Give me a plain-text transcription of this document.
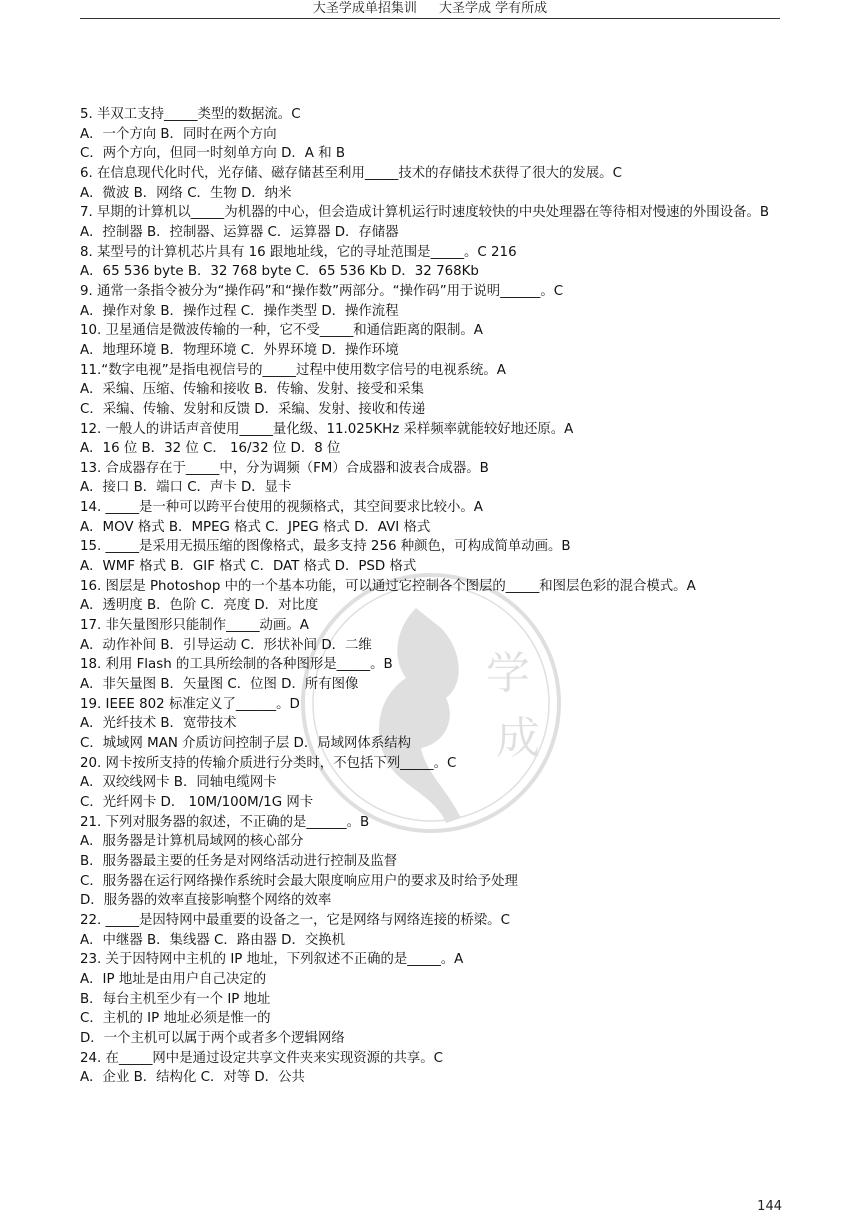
大圣学成单招集训 大圣学成 学有所成
学
成
5. 半双工支持_____类型的数据流。C
A．一个方向 B．同时在两个方向
C．两个方向，但同一时刻单方向 D．A 和 B
6. 在信息现代化时代，光存储、磁存储甚至利用_____技术的存储技术获得了很大的发展。C
A．微波 B．网络 C．生物 D．纳米
7. 早期的计算机以_____为机器的中心，但会造成计算机运行时速度较快的中央处理器在等待相对慢速的外围设备。B
A．控制器 B．控制器、运算器 C．运算器 D．存储器
8. 某型号的计算机芯片具有 16 跟地址线，它的寻址范围是_____。C 216
A．65 536 byte B．32 768 byte C．65 536 Kb D．32 768Kb
9. 通常一条指令被分为“操作码”和“操作数”两部分。“操作码”用于说明______。C
A．操作对象 B．操作过程 C．操作类型 D．操作流程
10. 卫星通信是微波传输的一种，它不受_____和通信距离的限制。A
A．地理环境 B．物理环境 C．外界环境 D．操作环境
11.“数字电视”是指电视信号的_____过程中使用数字信号的电视系统。A
A．采编、压缩、传输和接收 B．传输、发射、接受和采集
C．采编、传输、发射和反馈 D．采编、发射、接收和传递
12. 一般人的讲话声音使用_____量化级、11.025KHz 采样频率就能较好地还原。A
A．16 位 B．32 位 C． 16/32 位 D．8 位
13. 合成器存在于_____中，分为调频（FM）合成器和波表合成器。B
A．接口 B．端口 C．声卡 D．显卡
14. _____是一种可以跨平台使用的视频格式，其空间要求比较小。A
A．MOV 格式 B．MPEG 格式 C．JPEG 格式 D．AVI 格式
15. _____是采用无损压缩的图像格式，最多支持 256 种颜色，可构成简单动画。B
A．WMF 格式 B．GIF 格式 C．DAT 格式 D．PSD 格式
16. 图层是 Photoshop 中的一个基本功能，可以通过它控制各个图层的_____和图层色彩的混合模式。A
A．透明度 B．色阶 C．亮度 D．对比度
17. 非矢量图形只能制作_____动画。A
A．动作补间 B．引导运动 C．形状补间 D．二维
18. 利用 Flash 的工具所绘制的各种图形是_____。B
A．非矢量图 B．矢量图 C．位图 D．所有图像
19. IEEE 802 标准定义了______。D
A．光纤技术 B．宽带技术
C．城域网 MAN 介质访问控制子层 D．局域网体系结构
20. 网卡按所支持的传输介质进行分类时，不包括下列_____。C
A．双绞线网卡 B．同轴电缆网卡
C．光纤网卡 D． 10M/100M/1G 网卡
21. 下列对服务器的叙述，不正确的是______。B
A．服务器是计算机局域网的核心部分
B．服务器最主要的任务是对网络活动进行控制及监督
C．服务器在运行网络操作系统时会最大限度响应用户的要求及时给予处理
D．服务器的效率直接影响整个网络的效率
22. _____是因特网中最重要的设备之一，它是网络与网络连接的桥梁。C
A．中继器 B．集线器 C．路由器 D．交换机
23. 关于因特网中主机的 IP 地址，下列叙述不正确的是_____。A
A．IP 地址是由用户自己决定的
B．每台主机至少有一个 IP 地址
C．主机的 IP 地址必须是惟一的
D．一个主机可以属于两个或者多个逻辑网络
24. 在_____网中是通过设定共享文件夹来实现资源的共享。C
A．企业 B．结构化 C．对等 D．公共
144
